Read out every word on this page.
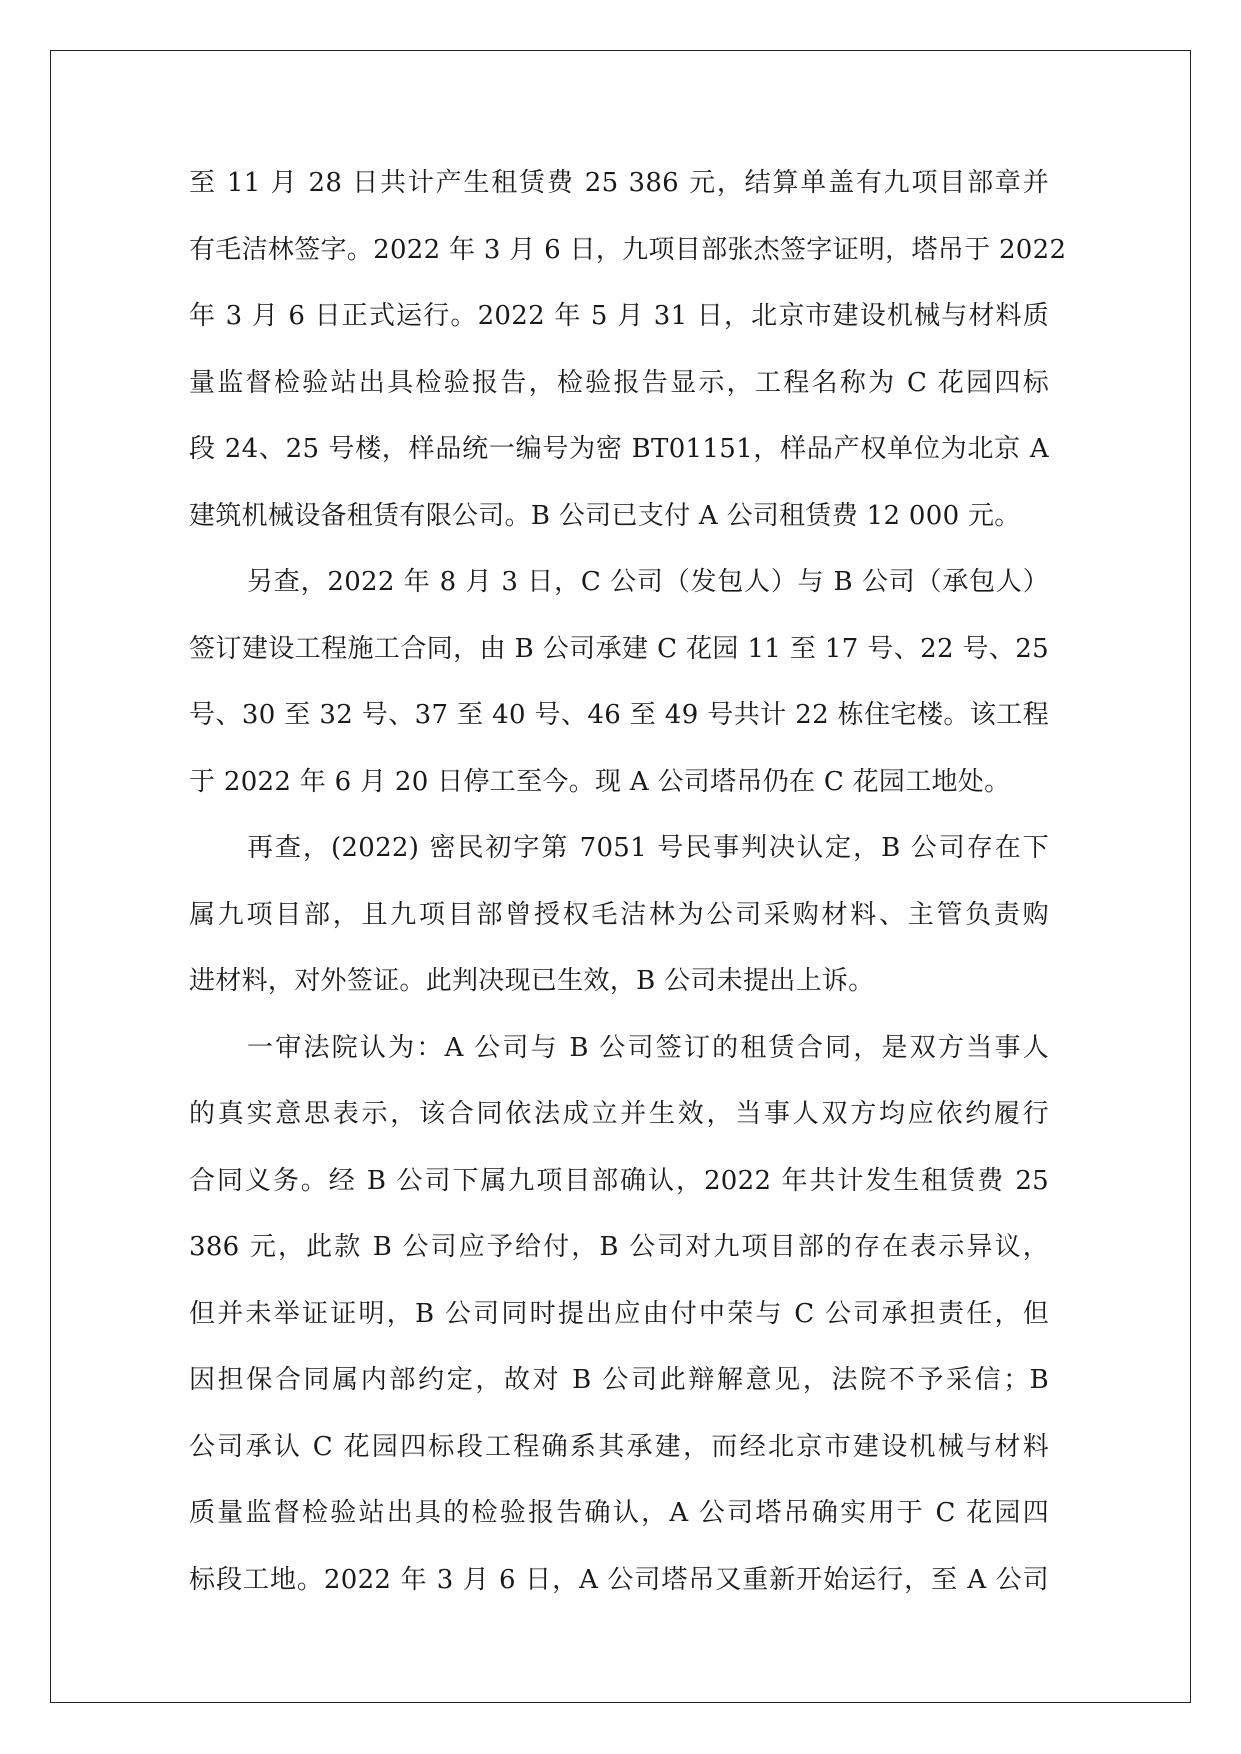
至 11 月 28 日共计产生租赁费 25 386 元，结算单盖有九项目部章并
有毛洁林签字。2022 年 3 月 6 日，九项目部张杰签字证明，塔吊于 2022
年 3 月 6 日正式运行。2022 年 5 月 31 日，北京市建设机械与材料质
量监督检验站出具检验报告，检验报告显示，工程名称为 C 花园四标
段 24、25 号楼，样品统一编号为密 BT01151，样品产权单位为北京 A
建筑机械设备租赁有限公司。B 公司已支付 A 公司租赁费 12 000 元。
另查，2022 年 8 月 3 日，C 公司（发包人）与 B 公司（承包人）
签订建设工程施工合同，由 B 公司承建 C 花园 11 至 17 号、22 号、25
号、30 至 32 号、37 至 40 号、46 至 49 号共计 22 栋住宅楼。该工程
于 2022 年 6 月 20 日停工至今。现 A 公司塔吊仍在 C 花园工地处。
再查，(2022) 密民初字第 7051 号民事判决认定，B 公司存在下
属九项目部，且九项目部曾授权毛洁林为公司采购材料、主管负责购
进材料，对外签证。此判决现已生效，B 公司未提出上诉。
一审法院认为：A 公司与 B 公司签订的租赁合同，是双方当事人
的真实意思表示，该合同依法成立并生效，当事人双方均应依约履行
合同义务。经 B 公司下属九项目部确认，2022 年共计发生租赁费 25
386 元，此款 B 公司应予给付，B 公司对九项目部的存在表示异议，
但并未举证证明，B 公司同时提出应由付中荣与 C 公司承担责任，但
因担保合同属内部约定，故对 B 公司此辩解意见，法院不予采信；B
公司承认 C 花园四标段工程确系其承建，而经北京市建设机械与材料
质量监督检验站出具的检验报告确认，A 公司塔吊确实用于 C 花园四
标段工地。2022 年 3 月 6 日，A 公司塔吊又重新开始运行，至 A 公司
